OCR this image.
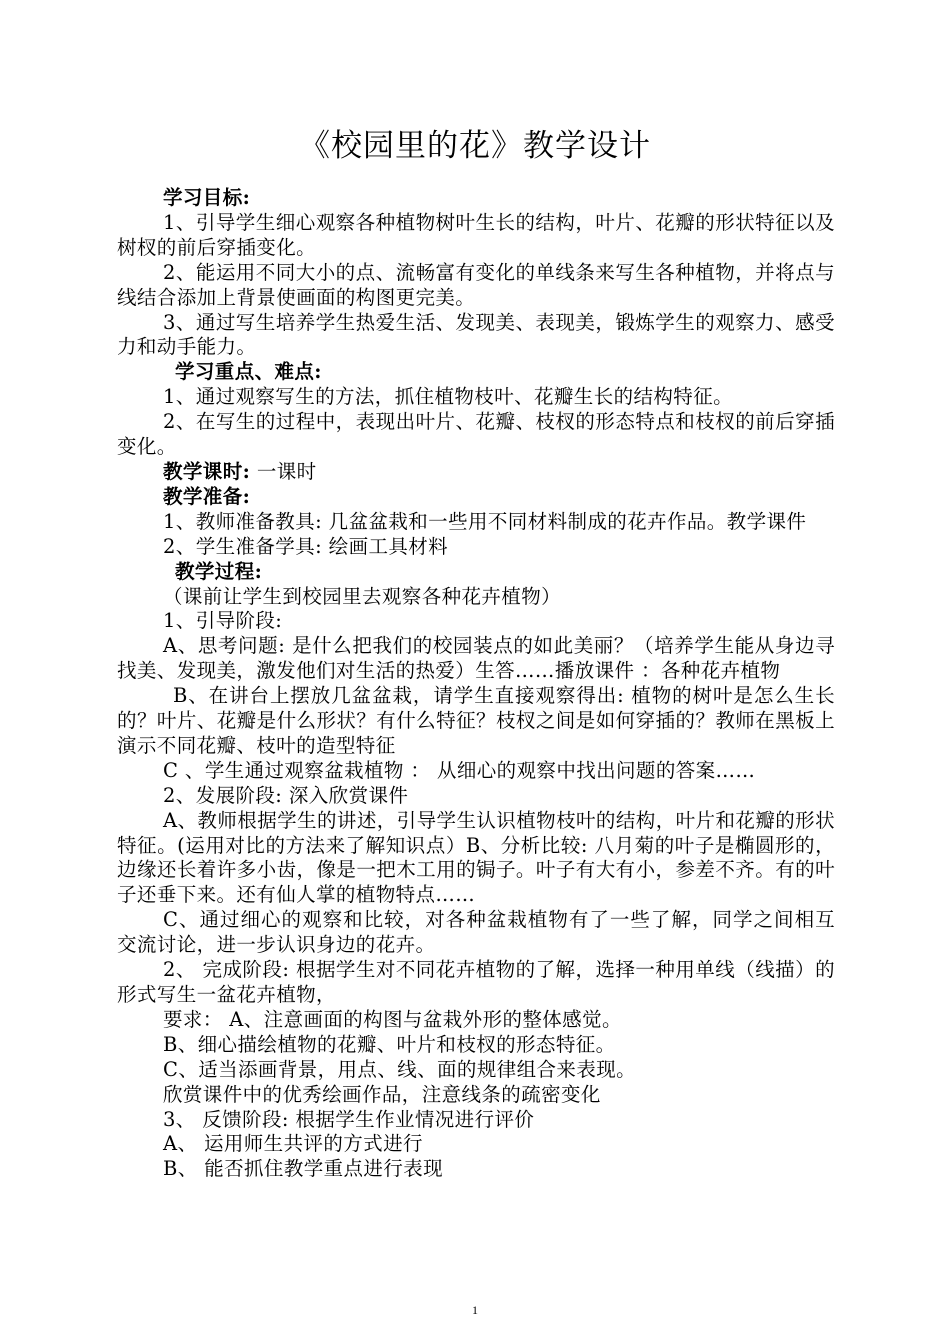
《校园里的花》教学设计

学习目标:

1、引导学生细心观察各种植物树叶生长的结构，叶片、花瓣的形状特征以及树杈的前后穿插变化。

2、能运用不同大小的点、流畅富有变化的单线条来写生各种植物，并将点与线结合添加上背景使画面的构图更完美。

3、通过写生培养学生热爱生活、发现美、表现美，锻炼学生的观察力、感受力和动手能力。

学习重点、难点:

1、通过观察写生的方法，抓住植物枝叶、花瓣生长的结构特征。

2、在写生的过程中，表现出叶片、花瓣、枝杈的形态特点和枝杈的前后穿插变化。

教学课时: 一课时

教学准备:

1、教师准备教具: 几盆盆栽和一些用不同材料制成的花卉作品。教学课件

2、学生准备学具: 绘画工具材料

教学过程:

（课前让学生到校园里去观察各种花卉植物）

1、引导阶段:

A、思考问题: 是什么把我们的校园装点的如此美丽？（培养学生能从身边寻找美、发现美，激发他们对生活的热爱）生答……播放课件 ：各种花卉植物

B、在讲台上摆放几盆盆栽，请学生直接观察得出: 植物的树叶是怎么生长的？叶片、花瓣是什么形状？有什么特征？枝杈之间是如何穿插的？教师在黑板上演示不同花瓣、枝叶的造型特征

C 、学生通过观察盆栽植物 ： 从细心的观察中找出问题的答案……

2、发展阶段: 深入欣赏课件

A、教师根据学生的讲述，引导学生认识植物枝叶的结构，叶片和花瓣的形状特征。(运用对比的方法来了解知识点）B、分析比较: 八月菊的叶子是椭圆形的，边缘还长着许多小齿，像是一把木工用的锔子。叶子有大有小，参差不齐。有的叶子还垂下来。还有仙人掌的植物特点……

C、通过细心的观察和比较，对各种盆栽植物有了一些了解，同学之间相互交流讨论，进一步认识身边的花卉。

2、 完成阶段: 根据学生对不同花卉植物的了解，选择一种用单线（线描）的形式写生一盆花卉植物，

要求： A、注意画面的构图与盆栽外形的整体感觉。

B、细心描绘植物的花瓣、叶片和枝杈的形态特征。

C、适当添画背景，用点、线、面的规律组合来表现。

欣赏课件中的优秀绘画作品，注意线条的疏密变化

3、 反馈阶段: 根据学生作业情况进行评价

A、 运用师生共评的方式进行

B、 能否抓住教学重点进行表现

1
